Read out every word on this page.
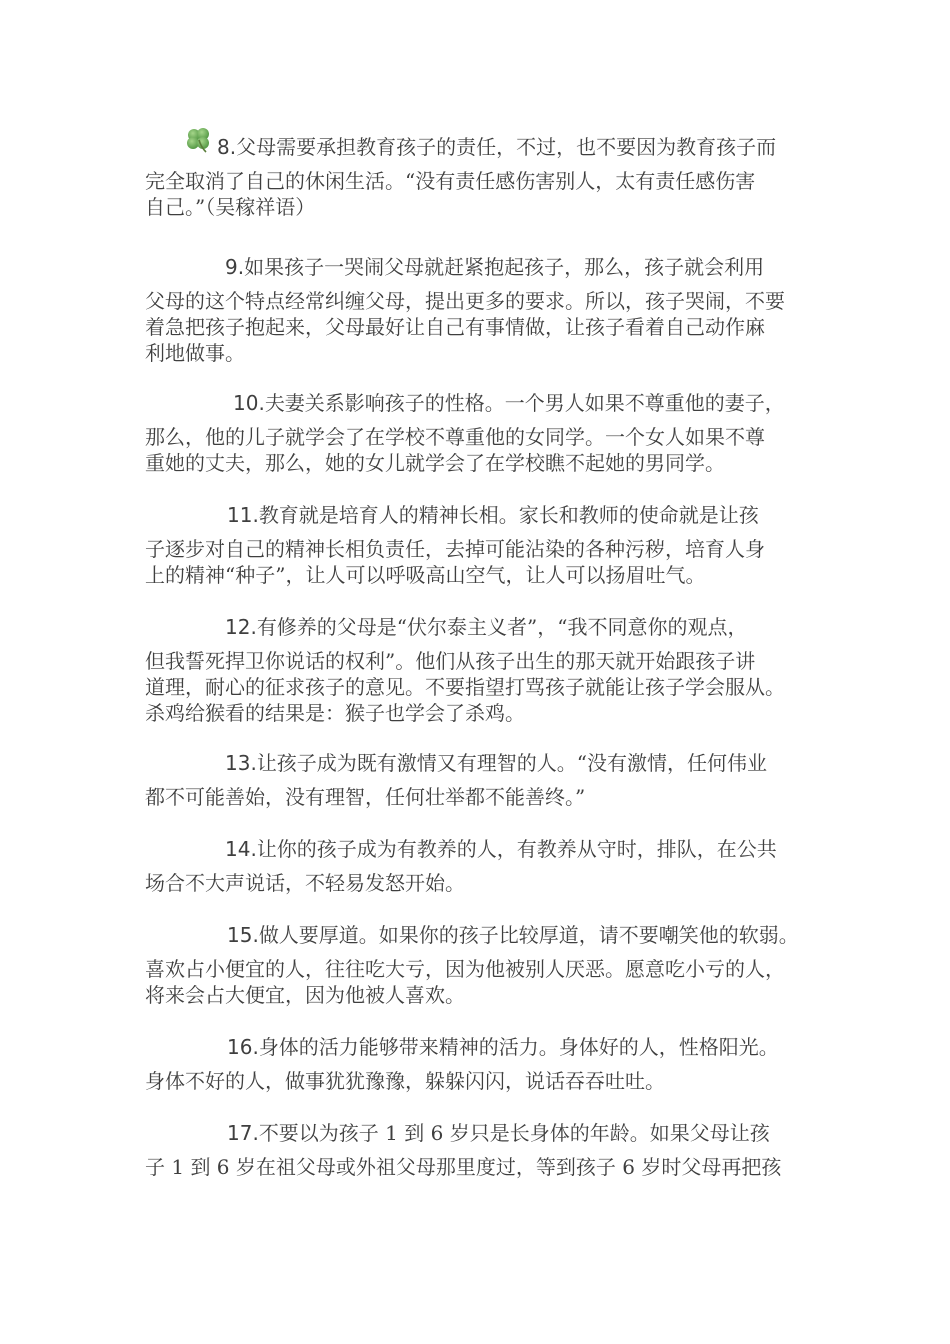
8.父母需要承担教育孩子的责任，不过，也不要因为教育孩子而
完全取消了自己的休闲生活。“没有责任感伤害别人，太有责任感伤害
自己。”（吴稼祥语）
9.如果孩子一哭闹父母就赶紧抱起孩子，那么，孩子就会利用
父母的这个特点经常纠缠父母，提出更多的要求。所以，孩子哭闹，不要
着急把孩子抱起来，父母最好让自己有事情做，让孩子看着自己动作麻
利地做事。
10.夫妻关系影响孩子的性格。一个男人如果不尊重他的妻子，
那么，他的儿子就学会了在学校不尊重他的女同学。一个女人如果不尊
重她的丈夫，那么，她的女儿就学会了在学校瞧不起她的男同学。
11.教育就是培育人的精神长相。家长和教师的使命就是让孩
子逐步对自己的精神长相负责任，去掉可能沾染的各种污秽，培育人身
上的精神“种子”，让人可以呼吸高山空气，让人可以扬眉吐气。
12.有修养的父母是“伏尔泰主义者”，“我不同意你的观点，
但我誓死捍卫你说话的权利”。他们从孩子出生的那天就开始跟孩子讲
道理，耐心的征求孩子的意见。不要指望打骂孩子就能让孩子学会服从。
杀鸡给猴看的结果是：猴子也学会了杀鸡。
13.让孩子成为既有激情又有理智的人。“没有激情，任何伟业
都不可能善始，没有理智，任何壮举都不能善终。”
14.让你的孩子成为有教养的人，有教养从守时，排队，在公共
场合不大声说话，不轻易发怒开始。
15.做人要厚道。如果你的孩子比较厚道，请不要嘲笑他的软弱。
喜欢占小便宜的人，往往吃大亏，因为他被别人厌恶。愿意吃小亏的人，
将来会占大便宜，因为他被人喜欢。
16.身体的活力能够带来精神的活力。身体好的人，性格阳光。
身体不好的人，做事犹犹豫豫，躲躲闪闪，说话吞吞吐吐。
17.不要以为孩子 1 到 6 岁只是长身体的年龄。如果父母让孩
子 1 到 6 岁在祖父母或外祖父母那里度过，等到孩子 6 岁时父母再把孩
